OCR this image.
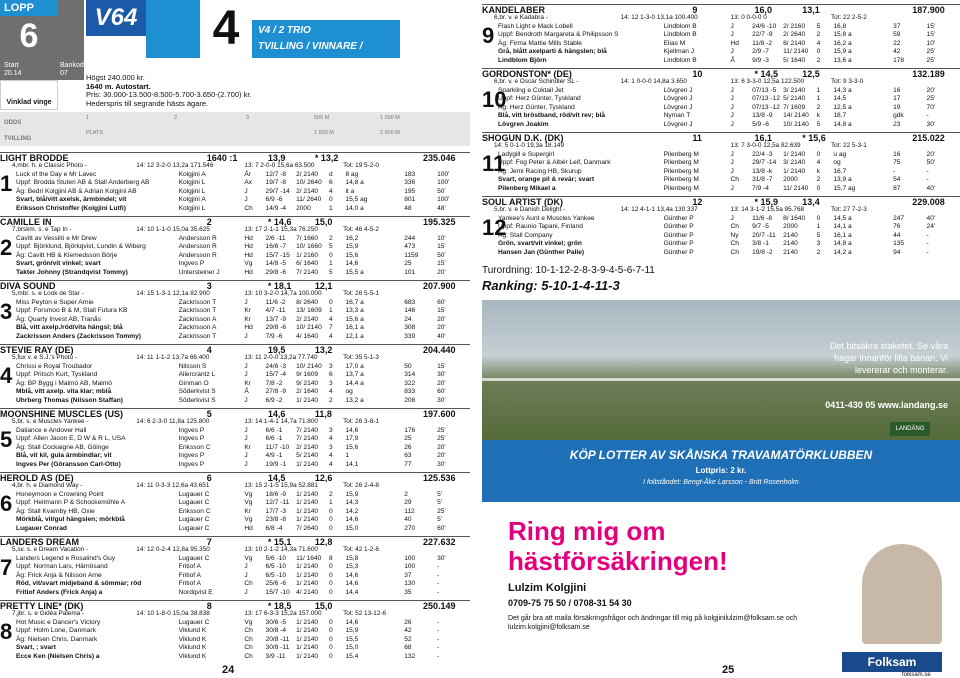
LOPP
6
Start
20.14
Bankod
07
V64 4	V4 / 2 TRIO
TVILLING / VINNARE / PLATS
Vinklad vinge
Högst 240.000 kr.
1640 m. Autostart.
Pris: 30.000-13.500-8.500-5.700-3.650-(2.700) kr.
Hederspris till segrande hästs ägare.
ODDS
TVILLING
1	2	3	500 M	1 000 M
PLATS	1 000 M	2 500 M
LIGHT BRODDE	1640 :1	13,9	* 13,2	235.046
4,mbr. h. e Classic Photo -	14: 12 3-2-0 13,2a 171.546	13: 7 2-0-0 15,6a 63.500	Tot: 19 5-2-0
1 Luck of the Day e Mr Lavec	Kolgjini A	År 12/7 -8 2/ 2140 d 8 ag	183	100'
Uppf: Brodda Stuteri AB & Stall Anderberg AB	Kolgjini L	Ax 19/7 -8 10/ 2640 6 14,8 a	336	100'
Äg: Bedri Kolgjini AB & Adrian Kolgjini AB	Kolgjini L	J	29/7 -14 2/ 2140 4 it a	195	50'
Svart, blå/vitt axelsk, ärmbindel; vit	Kolgjini A	J	6/9 -6 11/ 2640 0 15,5 ag	801	100'
Eriksson Christoffer (Kolgjini Lutfi)	Kolgjini L	Ch 14/9 -4 2000	1 14,0 a	48	48'
CAMILLE IN	2	* 14,6	15,0	195.325
7,brskm. s. e Tap In -	14: 10 1-1-0 15,0a 35.625	13: 17 2-1-1 15,3a 76.250	Tot: 46 4-5-2
2 Cavitt av Vessilö e Mr Drew	Andersson R	Hd 2/6 -11 7/ 1660 2 16,2	244	10'
Uppf: Björklund, Björkqvist, Lundin & Wiberg	Andersson R	Hd 16/6 -7 10/ 1660 5 15,9	473	15'
Äg: Cavitt HB & Klemedsson Börje	Andersson R	Hd 15/7 -15 1/ 2160 0 15,6	1159	50'
Svart, grön/vit vinkel; svart	Ingves P	Vg 14/8 -5 6/ 1640 1 14,6	25	15'
Takter Johnny (Strandqvist Tommy)	Untersteiner J	Hd 29/8 -6 7/ 2140 5 15,5 a	101	20'
DIVA SOUND	3	* 18,1	12,1	207.900
5,mbr. s. e Look de Star -	14: 15 1-3-1 12,1a 82.900	13: 10 3-2-0 14,7a 100.000	Tot: 26 5-5-1
3 Miss Peyton e Super Arnie	Zackrisson T	J	11/6 -2 8/ 2640 0 16,7 a	683	60'
Uppf: Forsmoo B & M, Stall Futura KB	Zackrisson T	Kr 4/7 -11 13/ 1609 1 13,3 a	146	15'
Äg: Quarty Invest AB, Tranås	Zackrisson A	Kr 13/7 -9 2/ 2140 4 15,6 a	24	20'
Blå, vitt axelp./röd/vita hängsl; blå	Zackrisson A	Hd 29/8 -6 10/ 2140 7 16,1 a	308	20'
Zackrisson Anders (Zackrisson Tommy)	Zackrisson T	J	7/9 -6 4/ 1640 4 12,1 a	339	40'
STEVIE RAY (DE)	4	19,5	13,2	204.440
5,fux v. e S.J.'s Photo -	14: 11 1-1-2 13,7a 66.400	13: 11 2-0-0 13,2a 77.740	Tot: 35 5-1-3
4 Chrissi e Royal Troubador	Nilsson S	J	24/6 -3 10/ 2140 3 17,0 a	50	15'
Uppf: Pritsch Kurt, Tyskland	Allercrantz L	J	15/7 -4 9/ 1609 6 13,7 a	314	30'
Äg: BP Bygg i Malmö AB, Malmö	Ginman O	Kr 7/8 -2 9/ 2140 3 14,4 a	322	20'
Mblå, vitt axelp. vita klar; mblå	Söderkvist S	Å	27/8 -9 2/ 1640 4 og	833	60'
Uhrberg Thomas (Nilsson Staffan)	Söderkvist S	J	6/9 -2 1/ 2140 2 13,2 a	208	30'
MOONSHINE MUSCLES (US)	5	14,6	11,8	197.600
5,br. s. e Muscles Yankee -	14: 6 2-3-0 11,8a 125.800	13: 14 1-4-1 14,7a 71.800	Tot: 26 3-8-1
5 Daliance e Andover Hall	Ingves P	J	6/6 -1 7/ 2140 3 14,6	176	25'
Uppf: Allen Jason E, D W & R L, USA	Ingves P	J	6/6 -1 7/ 2140 4 17,9	25	25'
Äg: Stall Cockaigne AB, Göinge	Eriksson C	Kr 11/7 -10 2/ 2140 3 15,6	26	20'
Blå, vit kil, gula ärmbindlar; vit	Ingves P	J	4/9 -1 5/ 2140 4 1	63	20'
Ingves Per (Göransson Carl-Otto)	Ingves P	J	19/9 -1 1/ 2140 4 14,1	77	30'
HEROLD AS (DE)	6	14,5	12,6	125.536
4,br. h. e Diamond Way -	14: 11 0-3-3 12,6a 43.651	13: 15 2-1-5 15,9a 52.881	Tot: 26 2-4-8
6 Honeymoon e Crowning Point	Lugauer C	Vg 18/6 -9 1/ 2140 2 15,9	2	5'
Uppf: Heitmann P & Schockemöhle A	Lugauer C	Vg 12/7 -11 1/ 2140 1 14,3	29	5'
Äg: Stall Kvarnby HB, Oxie	Eriksson C	Kr 17/7 -3 1/ 2140 0 14,2	112	25'
Mörkblå, vit/gul hängslen; mörkblå	Lugauer C	Vg 23/8 -8 1/ 2140 0 14,6	40	5'
Lugauer Conrad	Lugauer C	Hd 6/8 -4 7/ 2640 0 15,0	270	60'
LANDERS DREAM	7	* 15,1	12,8	227.632
5,sv. s. e Dream Vacation -	14: 12 0-2-4 12,8a 95.350	13: 10 2-1-2 14,3a 71.600	Tot: 42 1-2-6
7 Landers Legend e Rosalind's Guy	Lugauer C	Vg 5/6 -10 11/ 1640 8 15,8	100	30'
Uppf: Norman Lars, Härnösand	Fritiof A	J	6/5 -10 1/ 2140 0 15,3	100	-
Äg: Frick Anja & Nilsson Arne	Fritiof A	J	6/5 -10 1/ 2140 0 14,6	37	-
Röd, vit/svart midjeband & sömmar; röd	Fritiof A	Ch 25/6 -6 1/ 2140 0 14,6	130	-
Fritiof Anders (Frick Anja) a	Nordqvist E	J	15/7 -10 4/ 2140 0 14,4	35	-
PRETTY LINE* (DK)	8	* 18,5	15,0	250.149
7,jbr. s. e Gidéa Palema -	14: 10 1-8-0 15,0a 38.838	13: 17 6-3-3 15,2a 157.000	Tot: 52 13-12-6
8 Hot Music e Dancer's Victory	Lugauer C	Vg 30/6 -5 1/ 2140 0 14,6	26	-
Uppf: Holm Lone, Danmark	Viklund K	Ch 30/8 -4 1/ 2140 0 15,9	42	-
Äg: Nielsen Chris, Danmark	Viklund K	Ch 20/8 -11 1/ 2140 0 15,5	52	-
Svart, ; svart	Viklund K	Ch 30/8 -11 1/ 2140 0 15,0	68	-
Ecce Ken (Nielsen Chris) a	Viklund K	Ch 3/9 -11 1/ 2140 0 15,4	132	-
24
KANDELABER	9	16,0	13,1	187.900
6,br. v. e Kadabra -	14: 12 1-3-0 13,1a 100.400	13: 0 0-0-0 0	Tot: 22 2-5-2
9 Flash Light e Mack Lobell	Lindblom B	J	24/6 -10 2/ 2160 5 16,8	37	15'
Uppf: Bendroth Margareta & Philipsson S	Lindblom B	J	22/7 -9 2/ 2640 2 15,8 a	59	15'
Äg: Firma Mattie Mills Stable	Elias M	Hd 11/8 -2 8/ 2140 4 16,2 a	22	10'
Grå, blått axelparti & hängslen; blå	Kjellman J	J	2/9 -7 11/ 2140 0 15,9 a	42	25'
Lindblom Björn	Lindblom B	Å	9/9 -3 5/ 1640 2 13,6 a	178	25'
GORDONSTON* (DE)	10	* 14,5	12,5	132.189
6,br. v. e Oscar Schindler SL -	14: 1 0-0-0 14,8a 3.650	13: 6 3-3-0 12,5a 122.500	Tot: 9 3-3-0
10
Sparkling e Coktail Jet	Lövgren J	J	07/13 -5 3/ 2140 1 14,3 a	16	20'
Uppf: Herz Günter, Tyskland	Lövgren J	J	07/13 -12 5/ 2140 1 14,5	17	25'
Äg: Herz Günter, Tyskland	Lövgren J	J	07/13 -12 7/ 1609 2 12,5 a	19	70'
Blå, vitt bröstband, röd/vit rev; blå	Nyman T	J	13/8 -9 14/ 2140 k 18,7	gdk	-
Lövgren Joakim	Lövgren J	J	5/9 -6 10/ 2140 5 14,8 a	23	30'
SHOGUN D.K. (DK)	11	16,1	* 15,6	215.022
14: 5 0-1-0 19,3a 18.149	13: 7 3-0-0 12,5a 82.639	Tot: 22 5-3-1
11
Ladygill e Supergirl	Pilenberg M	J	22/4 -3 1/ 2140 0 u ag	16	20'
Uppf: Fog Peter & Albér Leif, Danmark	Pilenberg M	J	29/7 -14 3/ 2140 4 og	75	50'
Äg: Jemi Racing HB, Skurup	Pilenberg M	J	13/8 -k 1/ 2140 k 16,7	-	-
Svart, orange pil & revär; svart	Pilenberg M	Ch 31/8 -7 2000	2 13,9 a	54	-
Pilenberg Mikael a	Pilenberg M	J	7/9 -4 11/ 2140 0 15,7 ag	87	40'
SOUL ARTIST (DK)	12	* 15,9	13,4	229.008
5,br. v. e Danish Delight -	14: 12 4-1-1 13,4a 130.337	13: 14 3-1-2 15,5a 95.768	Tot: 27 7-2-3
12
Yankee's Aunt e Muscles Yankee	Günther P	J	11/6 -8 8/ 1640 0 14,5 a	247	40'
Uppf: Raunio Tapani, Finland	Günther P	Ch 9/7 -5 2000	1 14,1 a	76	24'
Äg: Stall Company	Günther P	Ny 20/7 -11 2140	5 16,1 a	44	-
Grön, svart/vit vinkel; grön	Günther P	Ch 3/8 -1 2140	3 14,8 a	135	-
Hansen Jan (Günther Palle)	Günther P	Ch 19/8 -2 2140	2 14,2 a	94	-
Turordning: 10-1-12-2-8-3-9-4-5-6-7-11
Ranking: 5-10-1-4-11-3
Det bitsäkra staketet. Se våra hagar innanför lilla banan. Vi levererar och monterar.
0411-430 05 www.landang.se
LANDÄNG
KÖP LOTTER AV SKÅNSKA TRAVAMATÖRKLUBBEN
Lottpris: 2 kr.
I foltståndet: Bengt-Åke Larsson - Britt Rosenholm
Ring mig om hästförsäkringen!
Lulzim Kolgjini
0709-75 75 50 / 0708-31 54 30
Det går bra att maila försäkringsfrågor och ändringar till mig på kolgjinilulzim@folksam.se och lulzim.kolgjini@folksam.se
Folksam
folksam.se
25
